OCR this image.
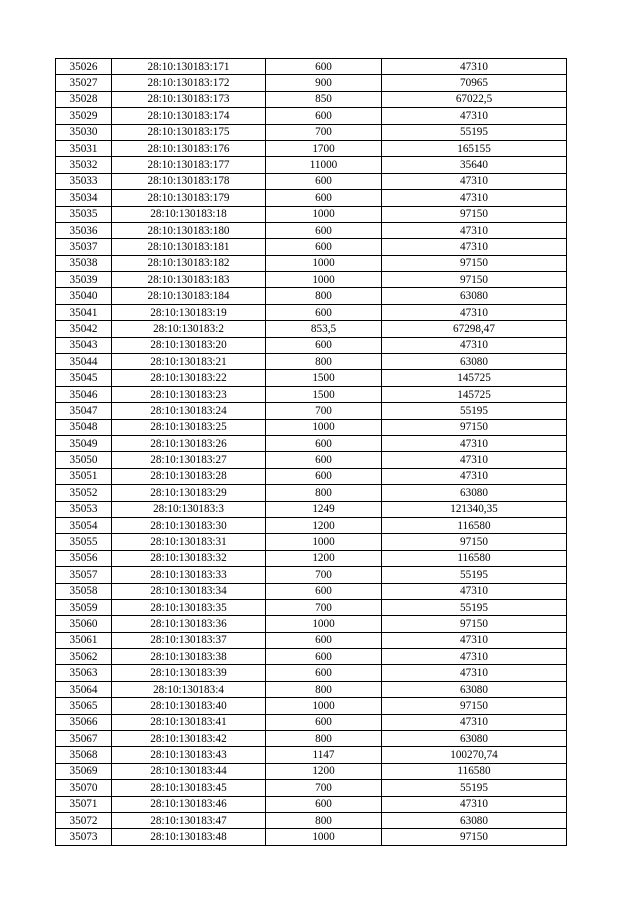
35026	28:10:130183:171	600	47310
35027	28:10:130183:172	900	70965
35028	28:10:130183:173	850	67022,5
35029	28:10:130183:174	600	47310
35030	28:10:130183:175	700	55195
35031	28:10:130183:176	1700	165155
35032	28:10:130183:177	11000	35640
35033	28:10:130183:178	600	47310
35034	28:10:130183:179	600	47310
35035	28:10:130183:18	1000	97150
35036	28:10:130183:180	600	47310
35037	28:10:130183:181	600	47310
35038	28:10:130183:182	1000	97150
35039	28:10:130183:183	1000	97150
35040	28:10:130183:184	800	63080
35041	28:10:130183:19	600	47310
35042	28:10:130183:2	853,5	67298,47
35043	28:10:130183:20	600	47310
35044	28:10:130183:21	800	63080
35045	28:10:130183:22	1500	145725
35046	28:10:130183:23	1500	145725
35047	28:10:130183:24	700	55195
35048	28:10:130183:25	1000	97150
35049	28:10:130183:26	600	47310
35050	28:10:130183:27	600	47310
35051	28:10:130183:28	600	47310
35052	28:10:130183:29	800	63080
35053	28:10:130183:3	1249	121340,35
35054	28:10:130183:30	1200	116580
35055	28:10:130183:31	1000	97150
35056	28:10:130183:32	1200	116580
35057	28:10:130183:33	700	55195
35058	28:10:130183:34	600	47310
35059	28:10:130183:35	700	55195
35060	28:10:130183:36	1000	97150
35061	28:10:130183:37	600	47310
35062	28:10:130183:38	600	47310
35063	28:10:130183:39	600	47310
35064	28:10:130183:4	800	63080
35065	28:10:130183:40	1000	97150
35066	28:10:130183:41	600	47310
35067	28:10:130183:42	800	63080
35068	28:10:130183:43	1147	100270,74
35069	28:10:130183:44	1200	116580
35070	28:10:130183:45	700	55195
35071	28:10:130183:46	600	47310
35072	28:10:130183:47	800	63080
35073	28:10:130183:48	1000	97150
